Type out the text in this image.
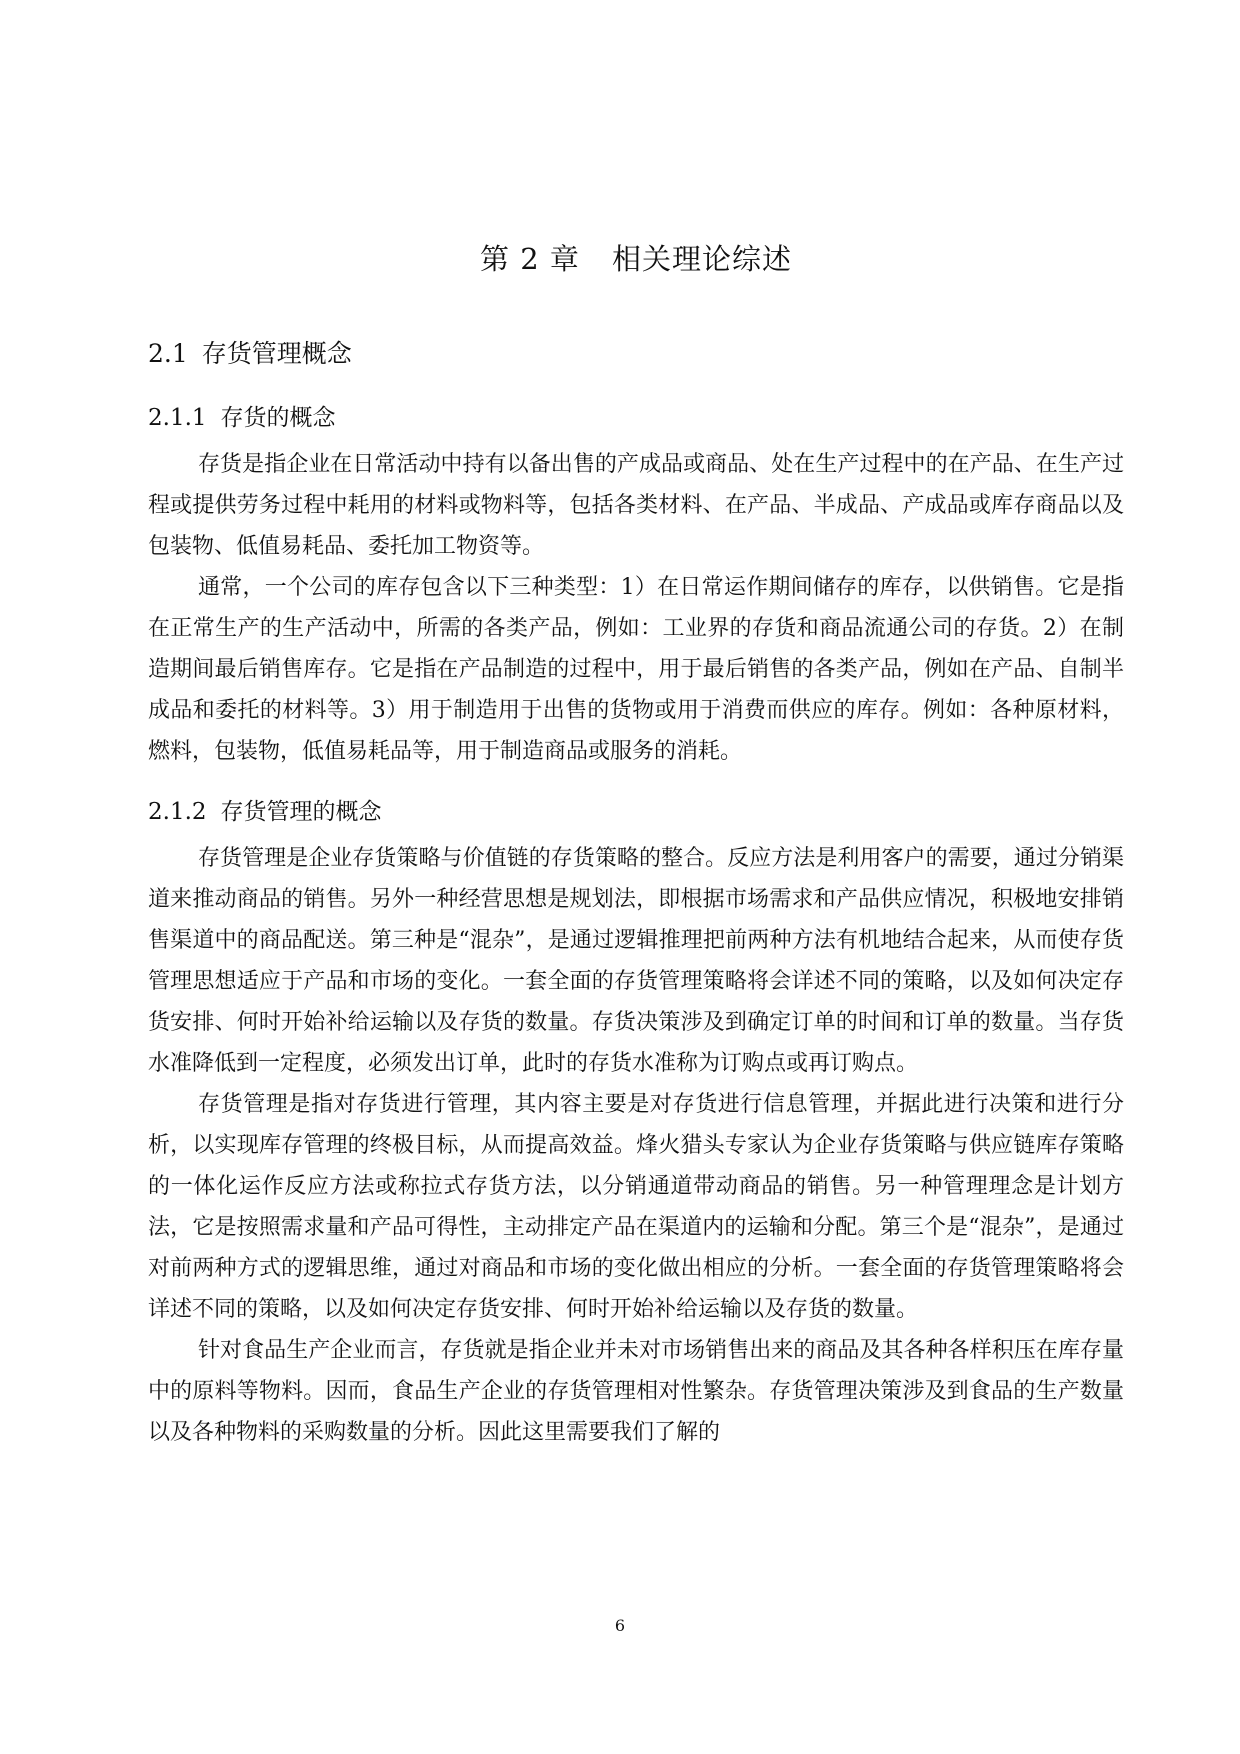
第 2 章 相关理论综述
2.1 存货管理概念
2.1.1 存货的概念

存货是指企业在日常活动中持有以备出售的产成品或商品、处在生产过程中的在产品、在生产过程或提供劳务过程中耗用的材料或物料等，包括各类材料、在产品、半成品、产成品或库存商品以及包装物、低值易耗品、委托加工物资等。

通常，一个公司的库存包含以下三种类型：1）在日常运作期间储存的库存，以供销售。它是指在正常生产的生产活动中，所需的各类产品，例如：工业界的存货和商品流通公司的存货。2）在制造期间最后销售库存。它是指在产品制造的过程中，用于最后销售的各类产品，例如在产品、自制半成品和委托的材料等。3）用于制造用于出售的货物或用于消费而供应的库存。例如：各种原材料，燃料，包装物，低值易耗品等，用于制造商品或服务的消耗。

2.1.2 存货管理的概念

存货管理是企业存货策略与价值链的存货策略的整合。反应方法是利用客户的需要，通过分销渠道来推动商品的销售。另外一种经营思想是规划法，即根据市场需求和产品供应情况，积极地安排销售渠道中的商品配送。第三种是“混杂”，是通过逻辑推理把前两种方法有机地结合起来，从而使存货管理思想适应于产品和市场的变化。一套全面的存货管理策略将会详述不同的策略，以及如何决定存货安排、何时开始补给运输以及存货的数量。存货决策涉及到确定订单的时间和订单的数量。当存货水准降低到一定程度，必须发出订单，此时的存货水准称为订购点或再订购点。

存货管理是指对存货进行管理，其内容主要是对存货进行信息管理，并据此进行决策和进行分析，以实现库存管理的终极目标，从而提高效益。烽火猎头专家认为企业存货策略与供应链库存策略的一体化运作反应方法或称拉式存货方法，以分销通道带动商品的销售。另一种管理理念是计划方法，它是按照需求量和产品可得性，主动排定产品在渠道内的运输和分配。第三个是“混杂”，是通过对前两种方式的逻辑思维，通过对商品和市场的变化做出相应的分析。一套全面的存货管理策略将会详述不同的策略，以及如何决定存货安排、何时开始补给运输以及存货的数量。

针对食品生产企业而言，存货就是指企业并未对市场销售出来的商品及其各种各样积压在库存量中的原料等物料。因而，食品生产企业的存货管理相对性繁杂。存货管理决策涉及到食品的生产数量以及各种物料的采购数量的分析。因此这里需要我们了解的

6
